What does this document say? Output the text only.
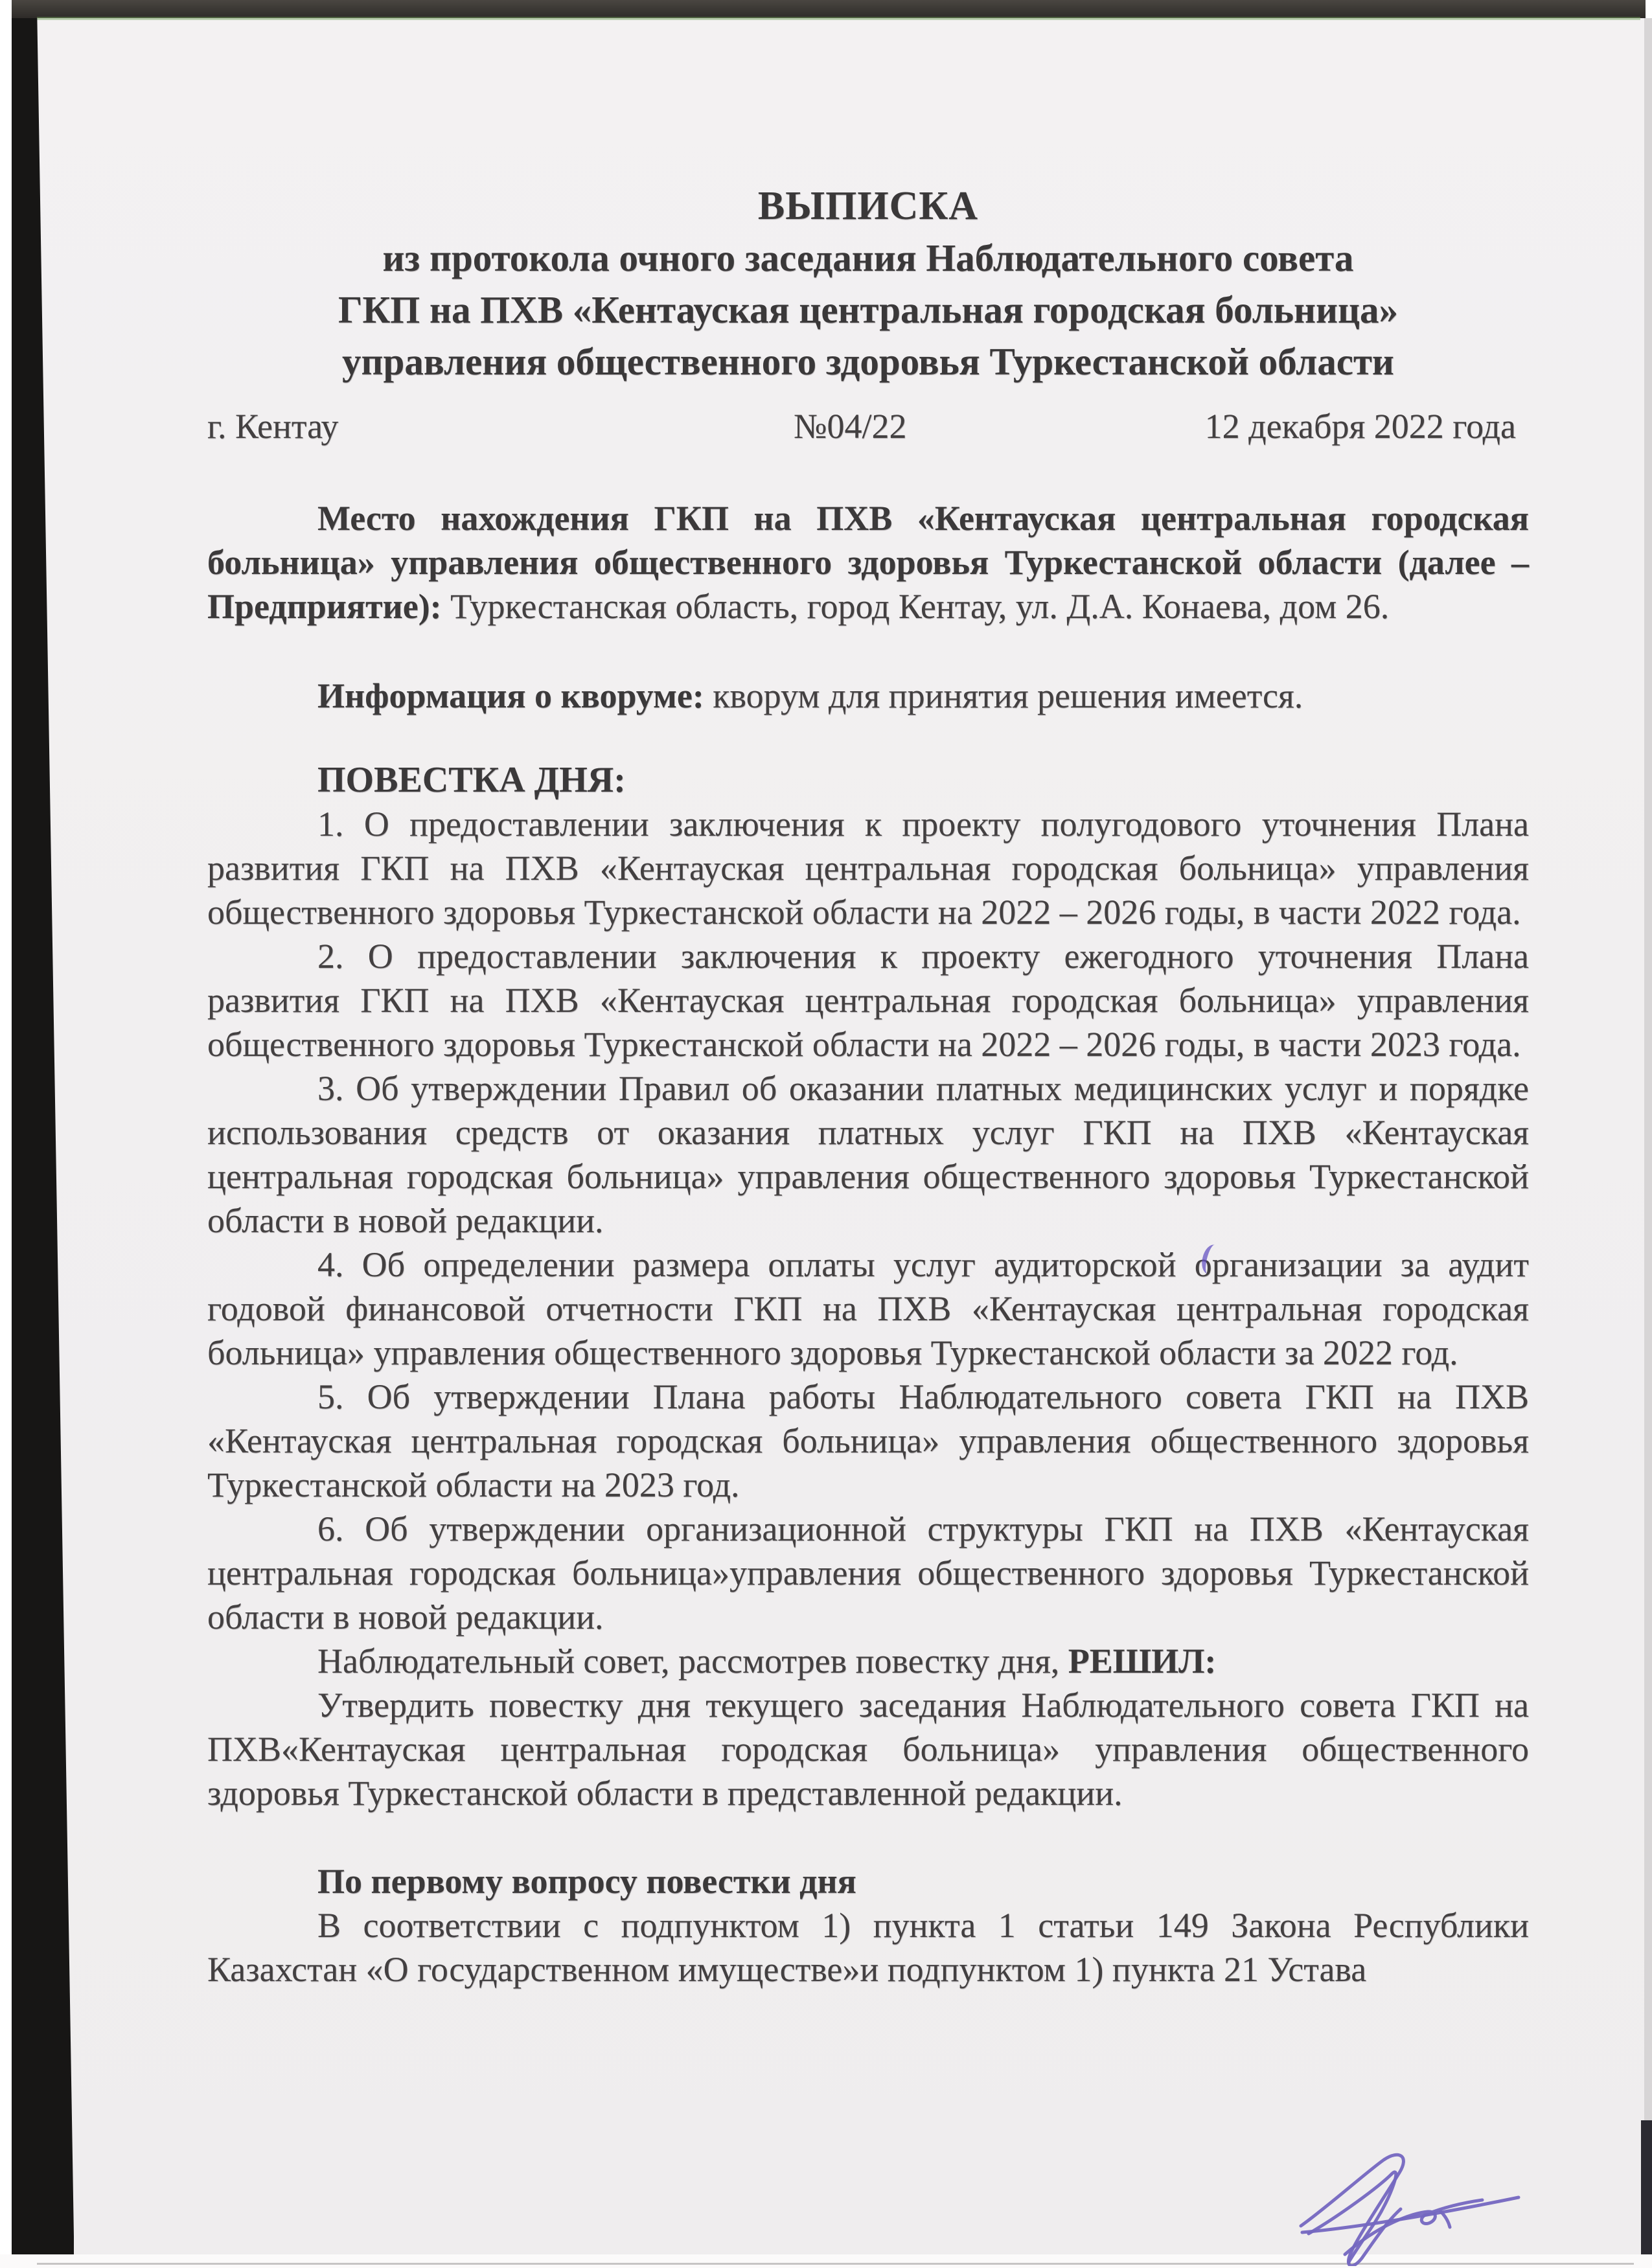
ВЫПИСКА

из протокола очного заседания Наблюдательного совета

ГКП на ПХВ «Кентауская центральная городская больница»

управления общественного здоровья Туркестанской области

г. Кентау	№04/22	12 декабря 2022 года

Место нахождения ГКП на ПХВ «Кентауская центральная городская больница» управления общественного здоровья Туркестанской области (далее – Предприятие): Туркестанская область, город Кентау, ул. Д.А. Конаева, дом 26.

Информация о кворуме: кворум для принятия решения имеется.

ПОВЕСТКА ДНЯ:

1. О предоставлении заключения к проекту полугодового уточнения Плана развития ГКП на ПХВ «Кентауская центральная городская больница» управления общественного здоровья Туркестанской области на 2022 – 2026 годы, в части 2022 года.

2. О предоставлении заключения к проекту ежегодного уточнения Плана развития ГКП на ПХВ «Кентауская центральная городская больница» управления общественного здоровья Туркестанской области на 2022 – 2026 годы, в части 2023 года.

3. Об утверждении Правил об оказании платных медицинских услуг и порядке использования средств от оказания платных услуг ГКП на ПХВ «Кентауская центральная городская больница» управления общественного здоровья Туркестанской области в новой редакции.

4. Об определении размера оплаты услуг аудиторской организации за аудит годовой финансовой отчетности ГКП на ПХВ «Кентауская центральная городская больница» управления общественного здоровья Туркестанской области за 2022 год.

5. Об утверждении Плана работы Наблюдательного совета ГКП на ПХВ «Кентауская центральная городская больница» управления общественного здоровья Туркестанской области на 2023 год.

6. Об утверждении организационной структуры ГКП на ПХВ «Кентауская центральная городская больница»управления общественного здоровья Туркестанской области в новой редакции.

Наблюдательный совет, рассмотрев повестку дня, РЕШИЛ:

Утвердить повестку дня текущего заседания Наблюдательного совета ГКП на ПХВ«Кентауская центральная городская больница» управления общественного здоровья Туркестанской области в представленной редакции.

По первому вопросу повестки дня

В соответствии с подпунктом 1) пункта 1 статьи 149 Закона Республики Казахстан «О государственном имуществе»и подпунктом 1) пункта 21 Устава
